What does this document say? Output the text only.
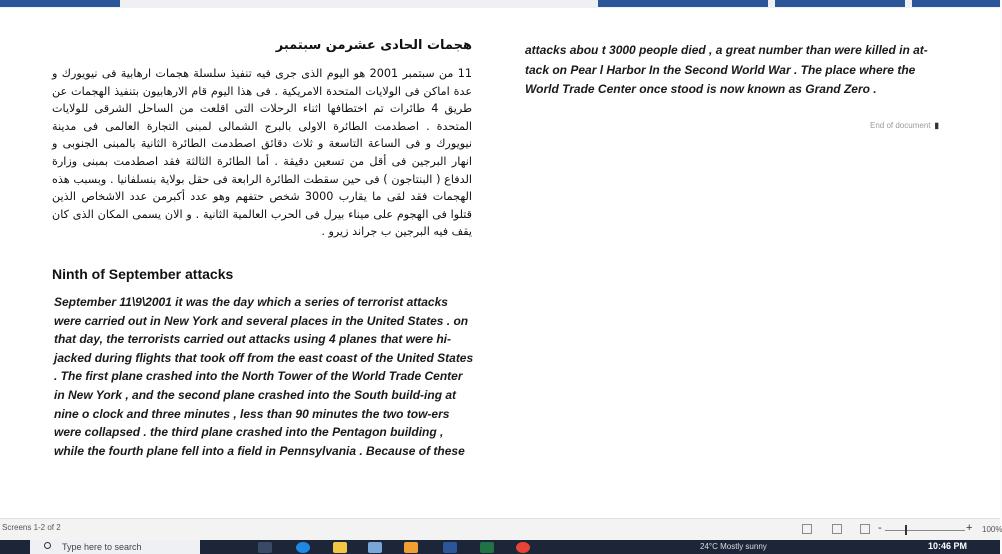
هجمات الحادى عشرمن سبتمبر

11 من سبتمبر 2001 هو اليوم الذى جرى فيه تنفيذ سلسلة هجمات ارهابية فى نيويورك و عدة اماكن فى الولايات المتحدة الامريكية . فى هذا اليوم قام الارهابيون بتنفيذ الهجمات عن طريق 4 طائرات تم اختطافها اثناء الرحلات التى اقلعت من الساحل الشرقى للولايات المتحدة . اصطدمت الطائرة الاولى بالبرج الشمالى لمبنى التجارة العالمى فى مدينة نيويورك و فى الساعة التاسعة و ثلاث دقائق اصطدمت الطائرة الثانية بالمبنى الجنوبى و انهار البرجين فى أقل من تسعين دقيقة . أما الطائرة الثالثة فقد اصطدمت بمبنى وزارة الدفاع ( البنتاجون ) فى حين سقطت الطائرة الرابعة فى حقل بولاية بنسلفانيا . وبسبب هذه الهجمات فقد لقى ما يقارب 3000 شخص حتفهم وهو عدد أكبرمن عدد الاشخاص الذين قتلوا فى الهجوم على ميناء بيرل فى الحرب العالمية الثانية . و الان يسمى المكان الذى كان يقف فيه البرجين ب جراند زيرو .

Ninth of September attacks

September 11\9\2001 it was the day which a series of terrorist attacks were carried out in New York and several places in the United States . on that day, the terrorists carried out attacks using 4 planes that were hi-jacked during flights that took off from the east coast of the United States . The first plane crashed into the North Tower of the World Trade Center in New York , and the second plane crashed into the South build-ing at nine o clock and three minutes , less than 90 minutes the two tow-ers were collapsed . the third plane crashed into the Pentagon building , while the fourth plane fell into a field in Pennsylvania . Because of these

attacks abou t 3000 people died , a great number than were killed in at-tack on Pear l Harbor In the Second World War . The place where the World Trade Center once stood is now known as Grand Zero .

End of document ▮
Screens 1-2 of 2	-	+ 100%
Type here to search	24°C Mostly sunny	10:46 PM
